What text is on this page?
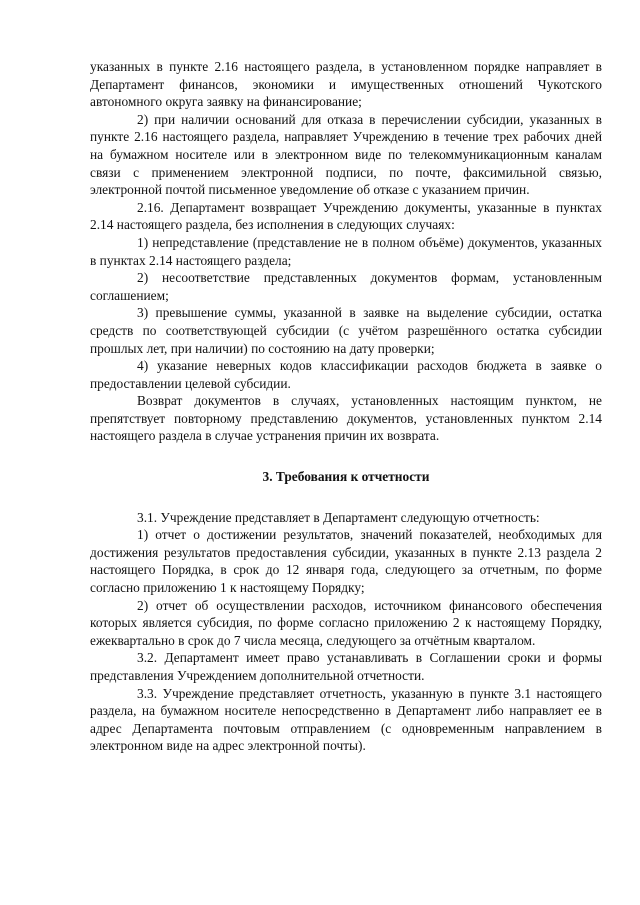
указанных в пункте 2.16 настоящего раздела, в установленном порядке направляет в Департамент финансов, экономики и имущественных отношений Чукотского автономного округа заявку на финансирование;

2) при наличии оснований для отказа в перечислении субсидии, указанных в пункте 2.16 настоящего раздела, направляет Учреждению в течение трех рабочих дней на бумажном носителе или в электронном виде по телекоммуникационным каналам связи с применением электронной подписи, по почте, факсимильной связью, электронной почтой письменное уведомление об отказе с указанием причин.

2.16. Департамент возвращает Учреждению документы, указанные в пунктах 2.14 настоящего раздела, без исполнения в следующих случаях:

1) непредставление (представление не в полном объёме) документов, указанных в пунктах 2.14 настоящего раздела;

2) несоответствие представленных документов формам, установленным соглашением;

3) превышение суммы, указанной в заявке на выделение субсидии, остатка средств по соответствующей субсидии (с учётом разрешённого остатка субсидии прошлых лет, при наличии) по состоянию на дату проверки;

4) указание неверных кодов классификации расходов бюджета в заявке о предоставлении целевой субсидии.

Возврат документов в случаях, установленных настоящим пунктом, не препятствует повторному представлению документов, установленных пунктом 2.14 настоящего раздела в случае устранения причин их возврата.

3. Требования к отчетности

3.1. Учреждение представляет в Департамент следующую отчетность:

1) отчет о достижении результатов, значений показателей, необходимых для достижения результатов предоставления субсидии, указанных в пункте 2.13 раздела 2 настоящего Порядка, в срок до 12 января года, следующего за отчетным, по форме согласно приложению 1 к настоящему Порядку;

2) отчет об осуществлении расходов, источником финансового обеспечения которых является субсидия, по форме согласно приложению 2 к настоящему Порядку, ежеквартально в срок до 7 числа месяца, следующего за отчётным кварталом.

3.2. Департамент имеет право устанавливать в Соглашении сроки и формы представления Учреждением дополнительной отчетности.

3.3. Учреждение представляет отчетность, указанную в пункте 3.1 настоящего раздела, на бумажном носителе непосредственно в Департамент либо направляет ее в адрес Департамента почтовым отправлением (с одновременным направлением в электронном виде на адрес электронной почты).
